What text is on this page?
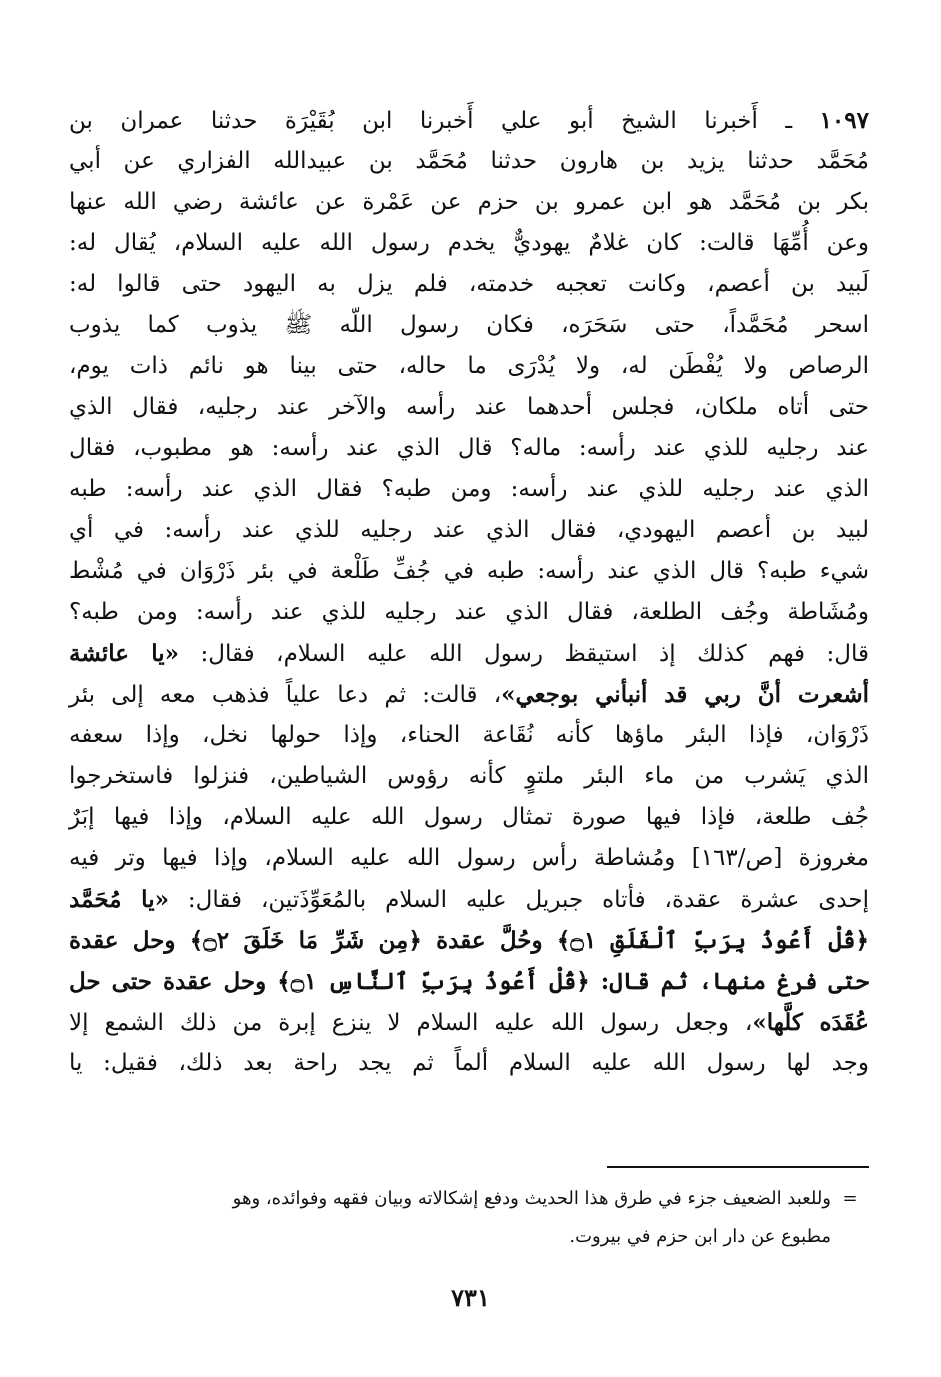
١٠٩٧ ـ أَخبرنا الشيخ أبو علي أَخبرنا ابن بُقَيْرَة حدثنا عمران بن
مُحَمَّد حدثنا يزيد بن هارون حدثنا مُحَمَّد بن عبيدالله الفزاري عن أبي
بكر بن مُحَمَّد هو ابن عمرو بن حزم عن عَمْرة عن عائشة رضي الله عنها
وعن أُمِّهَا قالت: كان غلامٌ يهوديٌّ يخدم رسول الله عليه السلام، يُقال له:
لَبيد بن أعصم، وكانت تعجبه خدمته، فلم يزل به اليهود حتى قالوا له:
اسحر مُحَمَّداً، حتى سَحَرَه، فكان رسول اللّه ﷺ يذوب كما يذوب
الرصاص ولا يُفْطَن له، ولا يُدْرَى ما حاله، حتى بينا هو نائم ذات يوم،
حتى أتاه ملكان، فجلس أحدهما عند رأسه والآخر عند رجليه، فقال الذي
عند رجليه للذي عند رأسه: ماله؟ قال الذي عند رأسه: هو مطبوب، فقال
الذي عند رجليه للذي عند رأسه: ومن طبه؟ فقال الذي عند رأسه: طبه
لبيد بن أعصم اليهودي، فقال الذي عند رجليه للذي عند رأسه: في أي
شيء طبه؟ قال الذي عند رأسه: طبه في جُفِّ طَلْعة في بئر ذَرْوَان في مُشْط
ومُشَاطة وجُف الطلعة، فقال الذي عند رجليه للذي عند رأسه: ومن طبه؟
قال: فهم كذلك إذ استيقظ رسول الله عليه السلام، فقال: «يا عائشة
أشعرت أنَّ ربي قد أنبأني بوجعي»، قالت: ثم دعا علياً فذهب معه إلى بئر
ذَرْوَان، فإذا البئر ماؤها كأنه نُقَاعة الحناء، وإذا حولها نخل، وإذا سعفه
الذي يَشرب من ماء البئر ملتوٍ كأنه رؤوس الشياطين، فنزلوا فاستخرجوا
جُف طلعة، فإذا فيها صورة تمثال رسول الله عليه السلام، وإذا فيها إبَرٌ
مغروزة [ص/١٦٣] ومُشاطة رأس رسول الله عليه السلام، وإذا فيها وتر فيه
إحدى عشرة عقدة، فأتاه جبريل عليه السلام بالمُعَوِّذَتين، فقال: «يا مُحَمَّد
﴿قُلْ أَعُوذُ بِرَبِّ ٱلْفَلَقِ ۝١﴾ وحُلَّ عقدة ﴿مِن شَرِّ مَا خَلَقَ ۝٢﴾ وحل عقدة
حتى فرغ منها، ثم قال: ﴿قُلْ أَعُوذُ بِرَبِّ ٱلنَّاسِ ۝١﴾ وحل عقدة حتى حل
عُقَدَه كلَّها»، وجعل رسول الله عليه السلام لا ينزع إبرة من ذلك الشمع إلا
وجد لها رسول الله عليه السلام ألماً ثم يجد راحة بعد ذلك، فقيل: يا
=وللعبد الضعيف جزء في طرق هذا الحديث ودفع إشكالاته وبيان فقهه وفوائده، وهو
مطبوع عن دار ابن حزم في بيروت.
٧٣١
